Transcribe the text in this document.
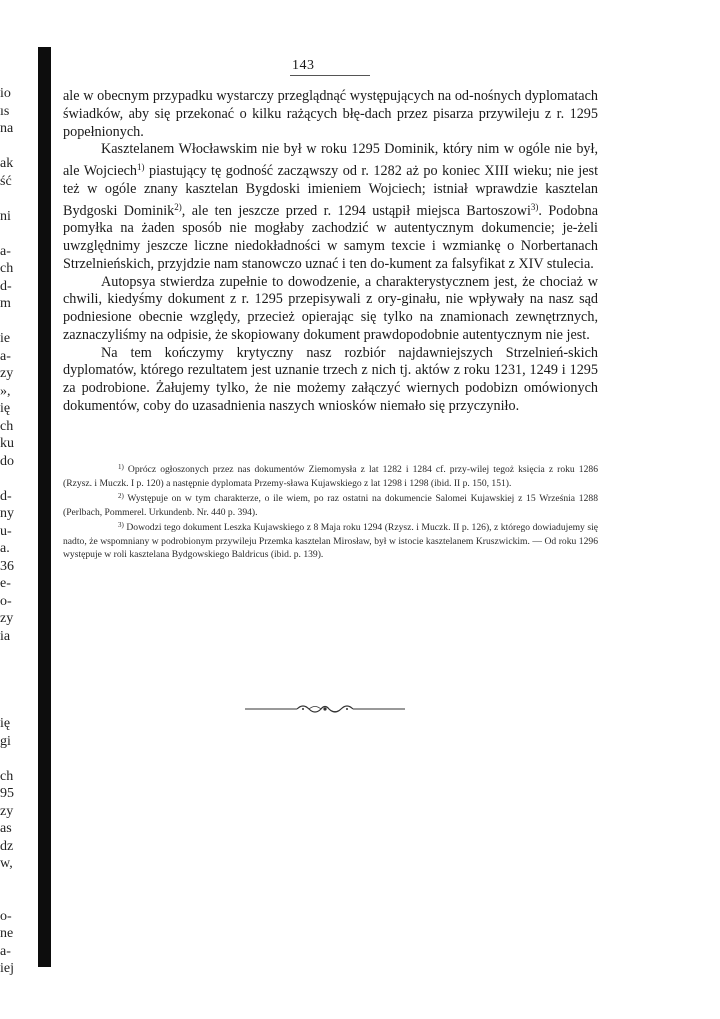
io
ıs
na
ak
ść
ni
a-
ch
d-
m
ie
a-
zy
»,
ię
ch
ku
do
d-
ny
u-
a.
36
e-
o-
zy
ia
ię
gi
ch
95
zy
as
dz
w,
o-
ne
a-
iej
143

ale w obecnym przypadku wystarczy przeglądnąć występujących na od-nośnych dyplomatach świadków, aby się przekonać o kilku rażących błę-dach przez pisarza przywileju z r. 1295 popełnionych.

Kasztelanem Włocławskim nie był w roku 1295 Dominik, który nim w ogóle nie był, ale Wojciech$^{1)}$ piastujący tę godność zacząwszy od r. 1282 aż po koniec XIII wieku; nie jest też w ogóle znany kasztelan Bygdoski imieniem Wojciech; istniał wprawdzie kasztelan Bydgoski Dominik$^{2)}$, ale ten jeszcze przed r. 1294 ustąpił miejsca Bartoszowi$^{3)}$. Podobna pomyłka na żaden sposób nie mogłaby zachodzić w autentycznym dokumencie; je-żeli uwzględnimy jeszcze liczne niedokładności w samym texcie i wzmiankę o Norbertanach Strzelnieńskich, przyjdzie nam stanowczo uznać i ten do-kument za falsyfikat z XIV stulecia.

Autopsya stwierdza zupełnie to dowodzenie, a charakterystycznem jest, że chociaż w chwili, kiedyśmy dokument z r. 1295 przepisywali z ory-ginału, nie wpływały na nasz sąd podniesione obecnie względy, przecież opierając się tylko na znamionach zewnętrznych, zaznaczyliśmy na odpisie, że skopiowany dokument prawdopodobnie autentycznym nie jest.

Na tem kończymy krytyczny nasz rozbiór najdawniejszych Strzelnień-skich dyplomatów, którego rezultatem jest uznanie trzech z nich tj. aktów z roku 1231, 1249 i 1295 za podrobione. Żałujemy tylko, że nie możemy załączyć wiernych podobizn omówionych dokumentów, coby do uzasadnienia naszych wniosków niemało się przyczyniło.

$^{1)}$ Oprócz ogłoszonych przez nas dokumentów Ziemomysła z lat 1282 i 1284 cf. przy-wilej tegoż księcia z roku 1286 (Rzysz. i Muczk. I p. 120) a następnie dyplomata Przemy-sława Kujawskiego z lat 1298 i 1298 (ibid. II p. 150, 151).

$^{2)}$ Występuje on w tym charakterze, o ile wiem, po raz ostatni na dokumencie Salomei Kujawskiej z 15 Września 1288 (Perlbach, Pommerel. Urkundenb. Nr. 440 p. 394).

$^{3)}$ Dowodzi tego dokument Leszka Kujawskiego z 8 Maja roku 1294 (Rzysz. i Muczk. II p. 126), z którego dowiadujemy się nadto, że wspomniany w podrobionym przywileju Przemka kasztelan Mirosław, był w istocie kasztelanem Kruszwickim. — Od roku 1296 występuje w roli kasztelana Bydgowskiego Baldricus (ibid. p. 139).
